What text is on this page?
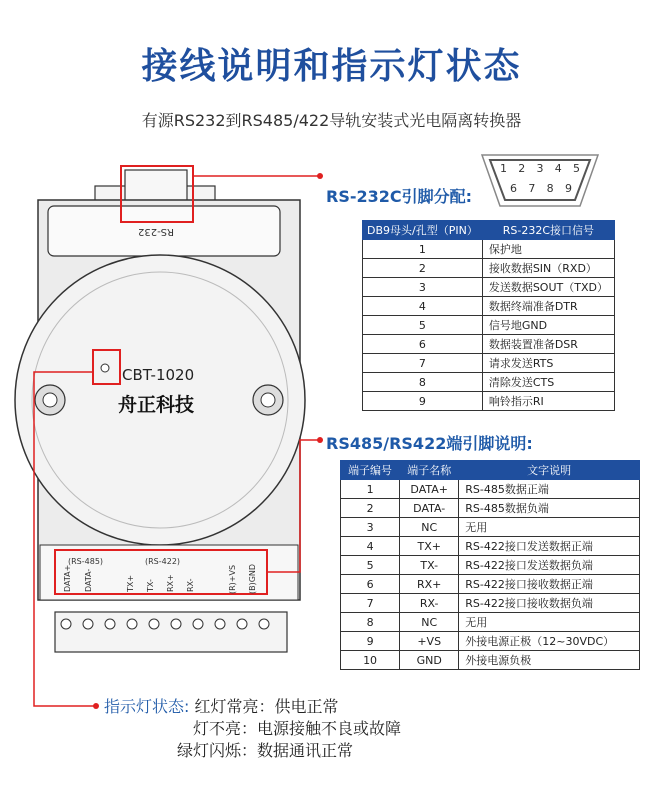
接线说明和指示灯状态
有源RS232到RS485/422导轨安装式光电隔离转换器
RS-232
CBT-1020
舟正科技
(RS-485)	(RS-422)
DATA+ DATA-	TX+ TX- RX+ RX-	(R)+VS (B)GND
1 2 3 4 5
6 7 8 9
RS-232C引脚分配:
DB9母头/孔型（PIN）	RS-232C接口信号
1	保护地
2	接收数据SIN（RXD）
3	发送数据SOUT（TXD）
4	数据终端准备DTR
5	信号地GND
6	数据装置准备DSR
7	请求发送RTS
8	清除发送CTS
9	响铃指示RI
RS485/RS422端引脚说明:
端子编号	端子名称	文字说明
1	DATA+	RS-485数据正端
2	DATA-	RS-485数据负端
3	NC	无用
4	TX+	RS-422接口发送数据正端
5	TX-	RS-422接口发送数据负端
6	RX+	RS-422接口接收数据正端
7	RX-	RS-422接口接收数据负端
8	NC	无用
9	+VS	外接电源正极（12~30VDC）
10	GND	外接电源负极
指示灯状态: 红灯常亮：供电正常
灯不亮：电源接触不良或故障
绿灯闪烁：数据通讯正常
